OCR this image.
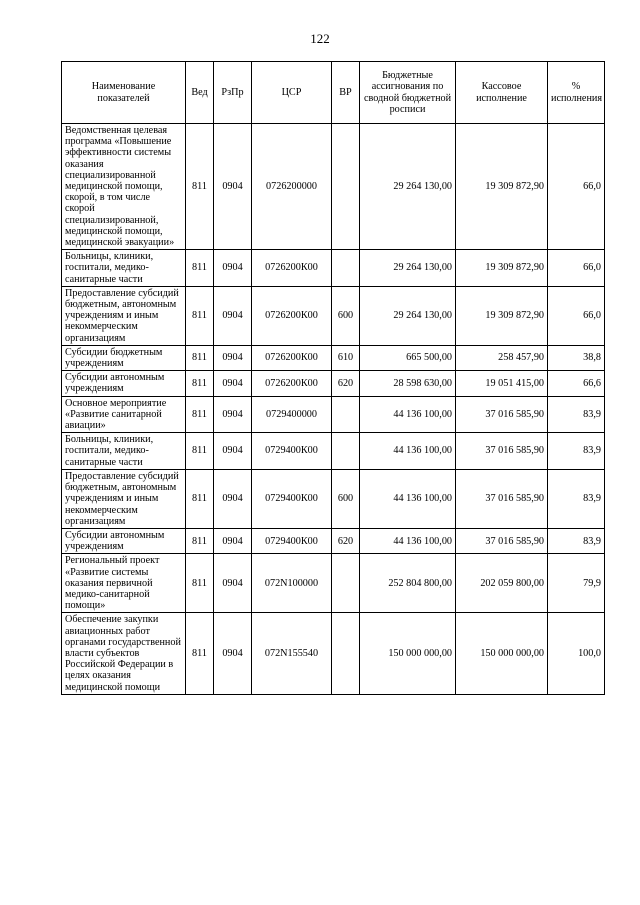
122
Наименование показателей	Вед	РзПр	ЦСР	ВР	Бюджетные ассигнования по сводной бюджетной росписи	Кассовое исполнение	% исполнения
Ведомственная целевая программа «Повышение эффективности системы оказания специализированной медицинской помощи, скорой, в том числе скорой специализированной, медицинской помощи, медицинской эвакуации»	811	0904	0726200000		29 264 130,00	19 309 872,90	66,0
Больницы, клиники, госпитали, медико-санитарные части	811	0904	0726200К00		29 264 130,00	19 309 872,90	66,0
Предоставление субсидий бюджетным, автономным учреждениям и иным некоммерческим организациям	811	0904	0726200К00	600	29 264 130,00	19 309 872,90	66,0
Субсидии бюджетным учреждениям	811	0904	0726200К00	610	665 500,00	258 457,90	38,8
Субсидии автономным учреждениям	811	0904	0726200К00	620	28 598 630,00	19 051 415,00	66,6
Основное мероприятие «Развитие санитарной авиации»	811	0904	0729400000		44 136 100,00	37 016 585,90	83,9
Больницы, клиники, госпитали, медико-санитарные части	811	0904	0729400К00		44 136 100,00	37 016 585,90	83,9
Предоставление субсидий бюджетным, автономным учреждениям и иным некоммерческим организациям	811	0904	0729400К00	600	44 136 100,00	37 016 585,90	83,9
Субсидии автономным учреждениям	811	0904	0729400К00	620	44 136 100,00	37 016 585,90	83,9
Региональный проект «Развитие системы оказания первичной медико-санитарной помощи»	811	0904	072N100000		252 804 800,00	202 059 800,00	79,9
Обеспечение закупки авиационных работ органами государственной власти субъектов Российской Федерации в целях оказания медицинской помощи	811	0904	072N155540		150 000 000,00	150 000 000,00	100,0
